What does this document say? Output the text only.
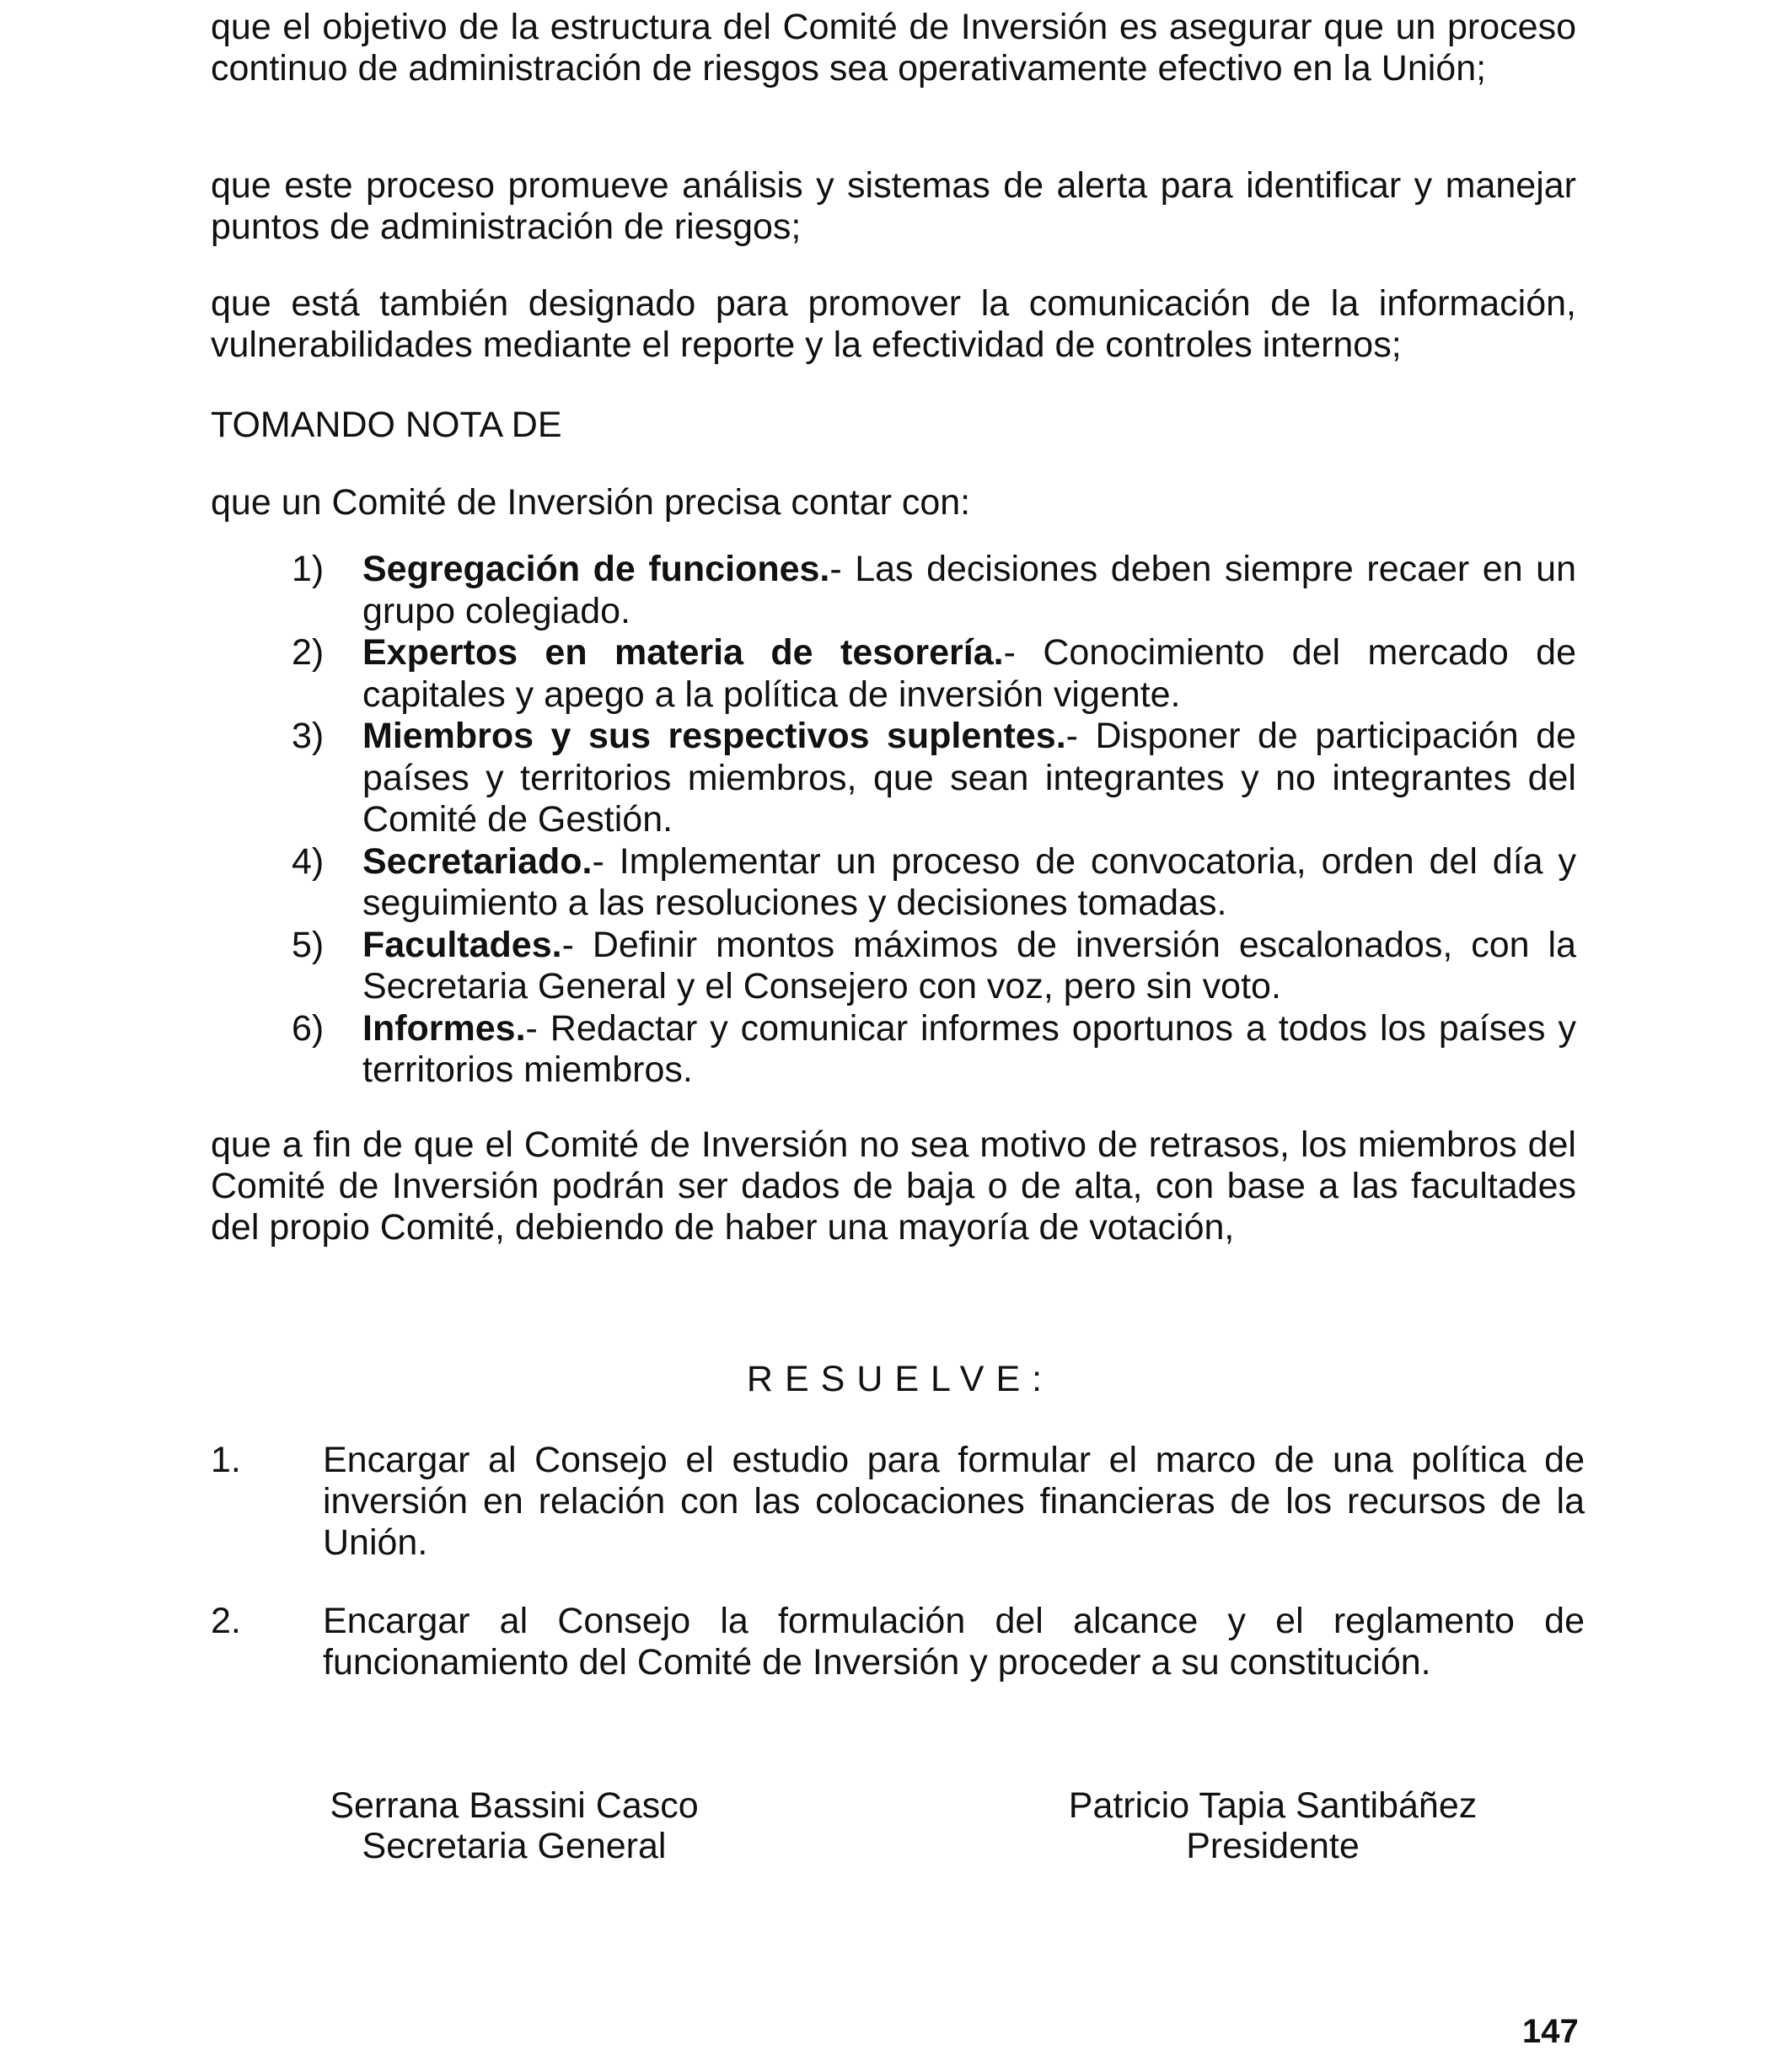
que el objetivo de la estructura del Comité de Inversión es asegurar que un proceso continuo de administración de riesgos sea operativamente efectivo en la Unión;

que este proceso promueve análisis y sistemas de alerta para identificar y manejar puntos de administración de riesgos;

que está también designado para promover la comunicación de la información, vulnerabilidades mediante el reporte y la efectividad de controles internos;

TOMANDO NOTA DE

que un Comité de Inversión precisa contar con:

1)	Segregación de funciones.- Las decisiones deben siempre recaer en un grupo colegiado.
2)	Expertos en materia de tesorería.- Conocimiento del mercado de capitales y apego a la política de inversión vigente.
3)	Miembros y sus respectivos suplentes.- Disponer de participación de países y territorios miembros, que sean integrantes y no integrantes del Comité de Gestión.
4)	Secretariado.- Implementar un proceso de convocatoria, orden del día y seguimiento a las resoluciones y decisiones tomadas.
5)	Facultades.- Definir montos máximos de inversión escalonados, con la Secretaria General y el Consejero con voz, pero sin voto.
6)	Informes.- Redactar y comunicar informes oportunos a todos los países y territorios miembros.

que a fin de que el Comité de Inversión no sea motivo de retrasos, los miembros del Comité de Inversión podrán ser dados de baja o de alta, con base a las facultades del propio Comité, debiendo de haber una mayoría de votación,

RESUELVE:

1.	Encargar al Consejo el estudio para formular el marco de una política de inversión en relación con las colocaciones financieras de los recursos de la Unión.
2.	Encargar al Consejo la formulación del alcance y el reglamento de funcionamiento del Comité de Inversión y proceder a su constitución.
Serrana Bassini Casco
Secretaria General
Patricio Tapia Santibáñez
Presidente
147
